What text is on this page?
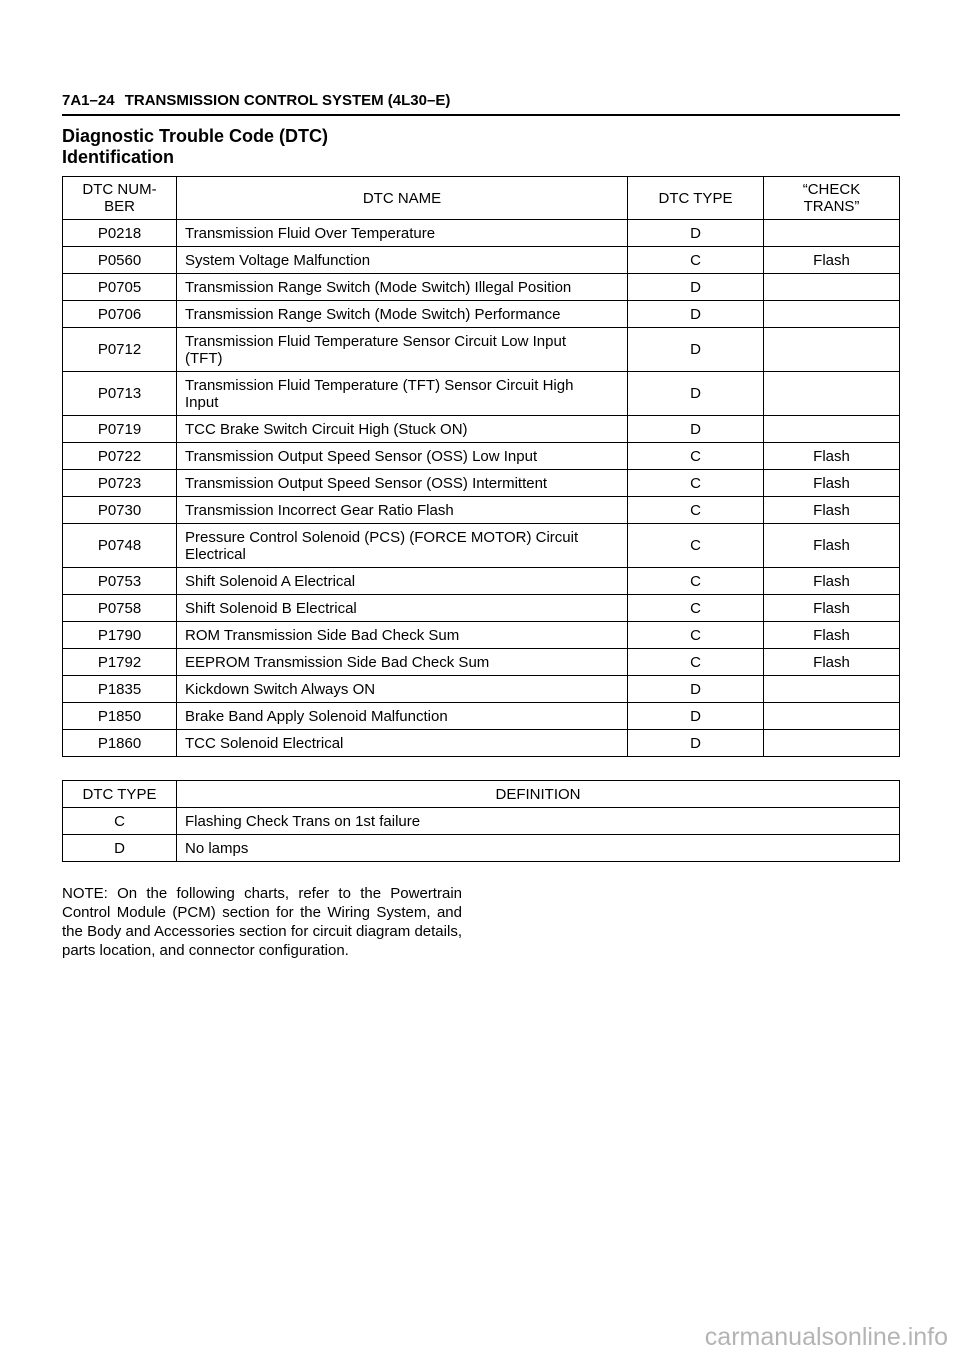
7A1–24 TRANSMISSION CONTROL SYSTEM (4L30–E)
Diagnostic Trouble Code (DTC)
Identification
DTC NUM-
BER	DTC NAME	DTC TYPE	“CHECK
TRANS”
P0218	Transmission Fluid Over Temperature	D	
P0560	System Voltage Malfunction	C	Flash
P0705	Transmission Range Switch (Mode Switch) Illegal Position	D	
P0706	Transmission Range Switch (Mode Switch) Performance	D	
P0712	Transmission Fluid Temperature Sensor Circuit Low Input
(TFT)	D	
P0713	Transmission Fluid Temperature (TFT) Sensor Circuit High
Input	D	
P0719	TCC Brake Switch Circuit High (Stuck ON)	D	
P0722	Transmission Output Speed Sensor (OSS) Low Input	C	Flash
P0723	Transmission Output Speed Sensor (OSS) Intermittent	C	Flash
P0730	Transmission Incorrect Gear Ratio Flash	C	Flash
P0748	Pressure Control Solenoid (PCS) (FORCE MOTOR) Circuit
Electrical	C	Flash
P0753	Shift Solenoid A Electrical	C	Flash
P0758	Shift Solenoid B Electrical	C	Flash
P1790	ROM Transmission Side Bad Check Sum	C	Flash
P1792	EEPROM Transmission Side Bad Check Sum	C	Flash
P1835	Kickdown Switch Always ON	D	
P1850	Brake Band Apply Solenoid Malfunction	D	
P1860	TCC Solenoid Electrical	D	
DTC TYPE	DEFINITION
C	Flashing Check Trans on 1st failure
D	No lamps
NOTE: On the following charts, refer to the Powertrain Control Module (PCM) section for the Wiring System, and the Body and Accessories section for circuit diagram details, parts location, and connector configuration.
carmanualsonline.info
